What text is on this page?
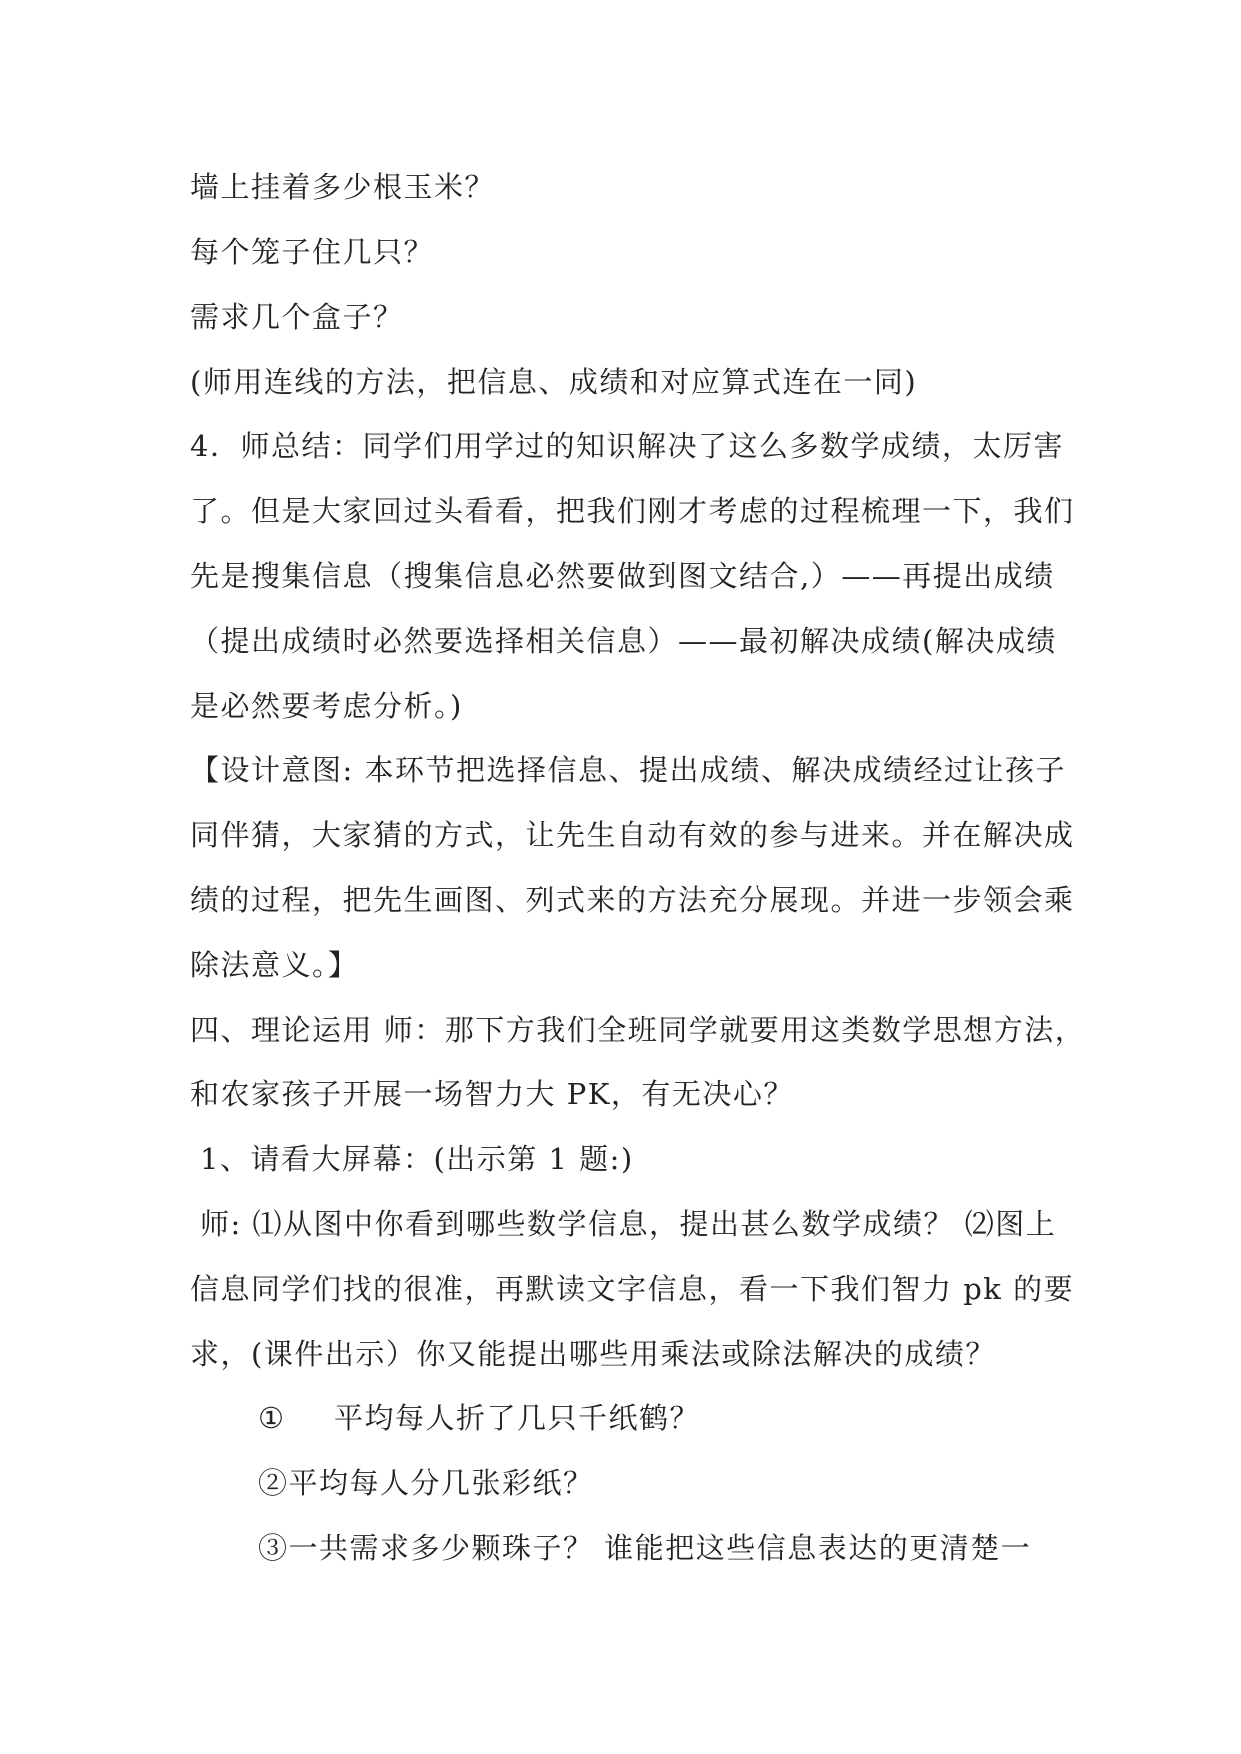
墙上挂着多少根玉米？
每个笼子住几只？
需求几个盒子？
(师用连线的方法，把信息、成绩和对应算式连在一同)
4．师总结：同学们用学过的知识解决了这么多数学成绩，太厉害
了。但是大家回过头看看，把我们刚才考虑的过程梳理一下，我们
先是搜集信息（搜集信息必然要做到图文结合,）——再提出成绩
（提出成绩时必然要选择相关信息）——最初解决成绩(解决成绩
是必然要考虑分析。)
【设计意图: 本环节把选择信息、提出成绩、解决成绩经过让孩子
同伴猜，大家猜的方式，让先生自动有效的参与进来。并在解决成
绩的过程，把先生画图、列式来的方法充分展现。并进一步领会乘
除法意义。】
四、理论运用 师：那下方我们全班同学就要用这类数学思想方法，
和农家孩子开展一场智力大 PK，有无决心？
1、请看大屏幕：(出示第 1 题:)
师: ⑴从图中你看到哪些数学信息，提出甚么数学成绩？ ⑵图上
信息同学们找的很准，再默读文字信息，看一下我们智力 pk 的要
求，(课件出示）你又能提出哪些用乘法或除法解决的成绩？
① 平均每人折了几只千纸鹤？
②平均每人分几张彩纸？
③一共需求多少颗珠子？ 谁能把这些信息表达的更清楚一
